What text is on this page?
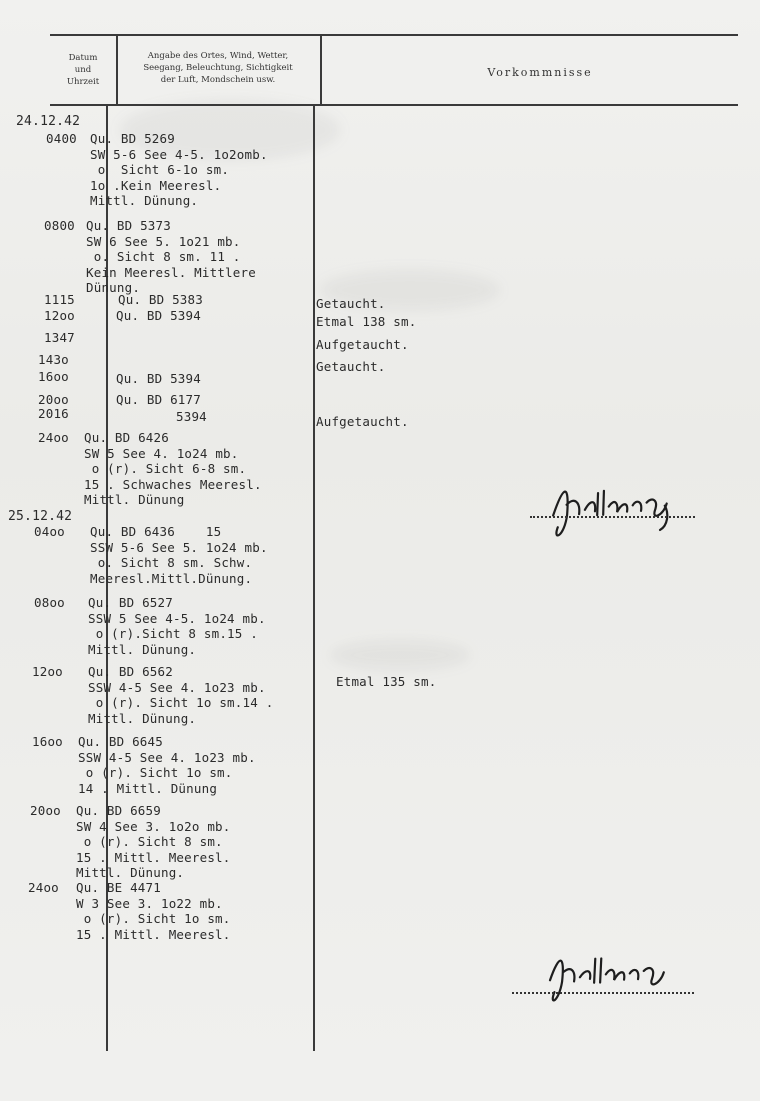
Datum
und
Uhrzeit
Angabe des Ortes, Wind, Wetter,
Seegang, Beleuchtung, Sichtigkeit
der Luft, Mondschein usw.
Vorkommnisse
24.12.42
25.12.42
0400
0800
1115
12oo
1347
143o
16oo
20oo
2016
24oo
04oo
08oo
12oo
16oo
20oo
24oo
Qu. BD 5269
SW 5-6 See 4-5. 1o2omb.
o  Sicht 6-1o sm.
1o .Kein Meeresl.
Mittl. Dünung.
Qu. BD 5373
SW 6 See 5. 1o21 mb.
o. Sicht 8 sm. 11 .
Kein Meeresl. Mittlere
Dünung.
Qu. BD 5383
Qu. BD 5394
Qu. BD 5394
Qu. BD 6177
5394
Qu. BD 6426
SW 5 See 4. 1o24 mb.
o (r). Sicht 6-8 sm.
15 . Schwaches Meeresl.
Mittl. Dünung
Qu. BD 6436    15
SSW 5-6 See 5. 1o24 mb.
o. Sicht 8 sm. Schw.
Meeresl.Mittl.Dünung.
Qu. BD 6527
SSW 5 See 4-5. 1o24 mb.
o (r).Sicht 8 sm.15 .
Mittl. Dünung.
Qu. BD 6562
SSW 4-5 See 4. 1o23 mb.
o (r). Sicht 1o sm.14 .
Mittl. Dünung.
Qu. BD 6645
SSW 4-5 See 4. 1o23 mb.
o (r). Sicht 1o sm.
14 . Mittl. Dünung
Qu. BD 6659
SW 4 See 3. 1o2o mb.
o (r). Sicht 8 sm.
15 . Mittl. Meeresl.
Mittl. Dünung.
Qu. BE 4471
W 3 See 3. 1o22 mb.
o (r). Sicht 1o sm.
15 . Mittl. Meeresl.
Getaucht.
Etmal 138 sm.
Aufgetaucht.
Getaucht.
Aufgetaucht.
Etmal 135 sm.
